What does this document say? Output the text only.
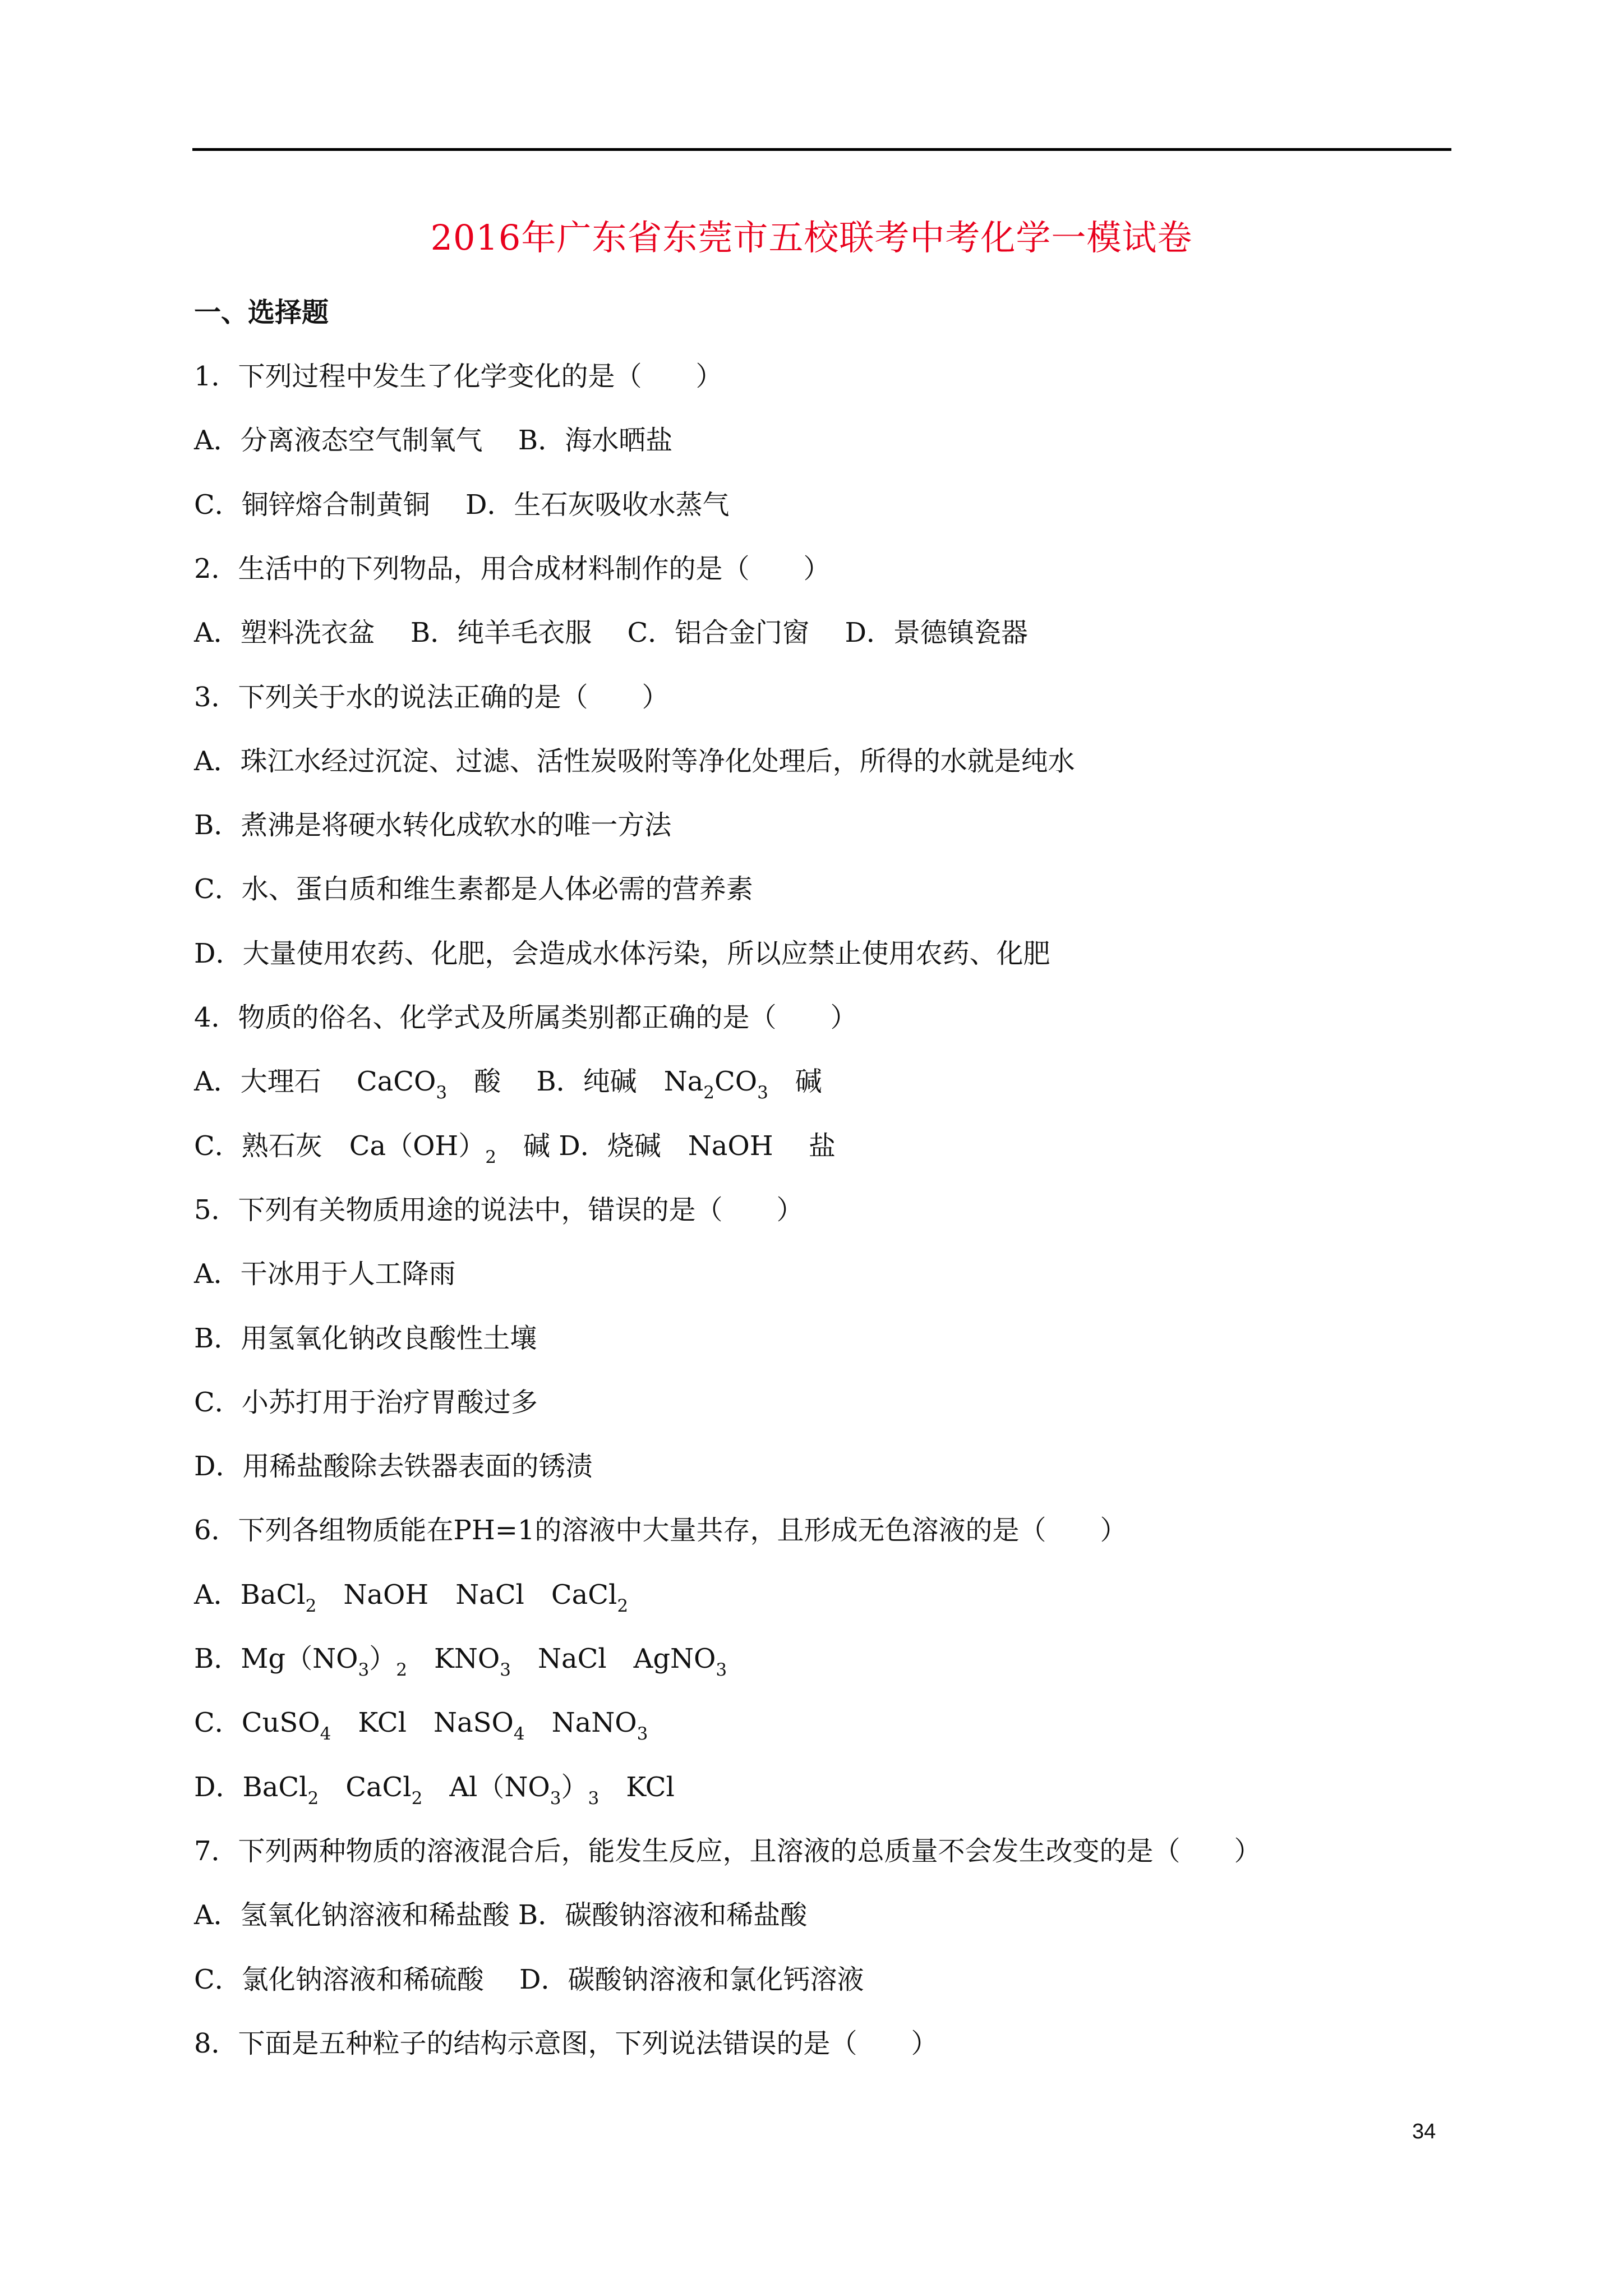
2016年广东省东莞市五校联考中考化学一模试卷
一、选择题
1．下列过程中发生了化学变化的是（　　）
A．分离液态空气制氧气　 B．海水晒盐
C．铜锌熔合制黄铜　 D．生石灰吸收水蒸气
2．生活中的下列物品，用合成材料制作的是（　　）
A．塑料洗衣盆　 B．纯羊毛衣服　 C．铝合金门窗　 D．景德镇瓷器
3．下列关于水的说法正确的是（　　）
A．珠江水经过沉淀、过滤、活性炭吸附等净化处理后，所得的水就是纯水
B．煮沸是将硬水转化成软水的唯一方法
C．水、蛋白质和维生素都是人体必需的营养素
D．大量使用农药、化肥，会造成水体污染，所以应禁止使用农药、化肥
4．物质的俗名、化学式及所属类别都正确的是（　　）
A．大理石　 CaCO$_3$　酸　 B．纯碱　$Na_2CO_3$　碱
C．熟石灰　$Ca(OH)_2$　碱 D．烧碱　NaOH　 盐
5．下列有关物质用途的说法中，错误的是（　　）
A．干冰用于人工降雨
B．用氢氧化钠改良酸性土壤
C．小苏打用于治疗胃酸过多
D．用稀盐酸除去铁器表面的锈渍
6．下列各组物质能在PH=1的溶液中大量共存，且形成无色溶液的是（　　）
A．BaCl$_2$　NaOH　NaCl　CaCl$_2$
B．$Mg(NO_3)_2$　$KNO_3$　NaCl　AgNO$_3$
C．CuSO$_4$　KCl　NaSO$_4$　NaNO$_3$
D．BaCl$_2$　CaCl$_2$　$Al(NO_3)_3$　KCl
7．下列两种物质的溶液混合后，能发生反应，且溶液的总质量不会发生改变的是（　　）
A．氢氧化钠溶液和稀盐酸 B．碳酸钠溶液和稀盐酸
C．氯化钠溶液和稀硫酸　 D．碳酸钠溶液和氯化钙溶液
8．下面是五种粒子的结构示意图，下列说法错误的是（　　）
34
